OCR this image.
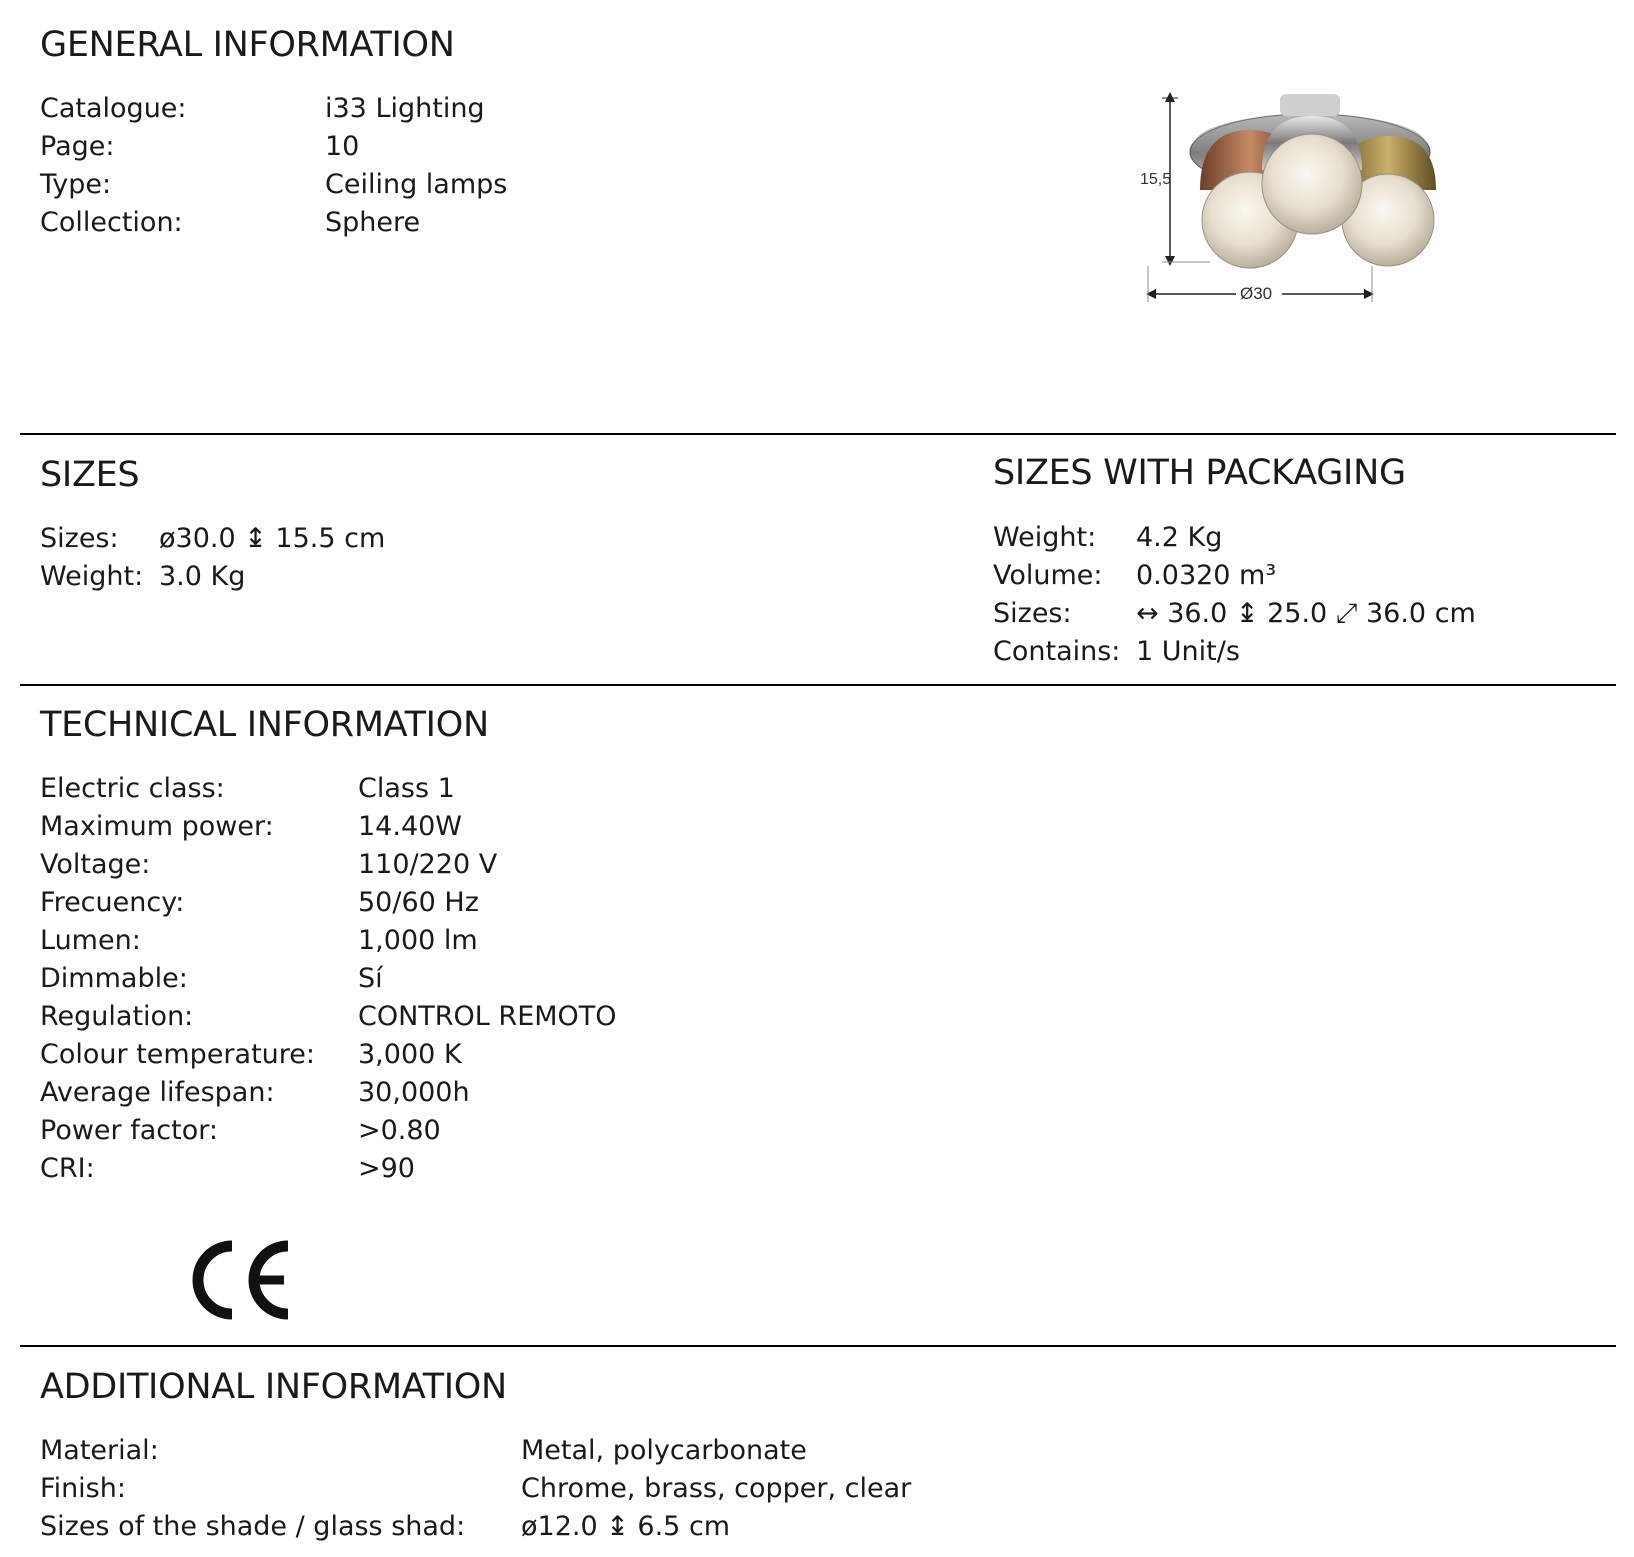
GENERAL INFORMATION
Catalogue:	i33 Lighting
Page:	10
Type:	Ceiling lamps
Collection:	Sphere
15,5
Ø30
SIZES
Sizes: ø30.0 ↨ 15.5 cm
Weight: 3.0 Kg
SIZES WITH PACKAGING
Weight: 4.2 Kg
Volume: 0.0320 m³
Sizes: ↔ 36.0 ↨ 25.0 ⤢ 36.0 cm
Contains: 1 Unit/s
TECHNICAL INFORMATION
Electric class:	Class 1
Maximum power:	14.40W
Voltage:	110/220 V
Frecuency:	50/60 Hz
Lumen:	1,000 lm
Dimmable:	Sí
Regulation:	CONTROL REMOTO
Colour temperature: 3,000 K
Average lifespan:	30,000h
Power factor:	>0.80
CRI:	>90
ADDITIONAL INFORMATION
Material:	Metal, polycarbonate
Finish:	Chrome, brass, copper, clear
Sizes of the shade / glass shad: ø12.0 ↨ 6.5 cm
